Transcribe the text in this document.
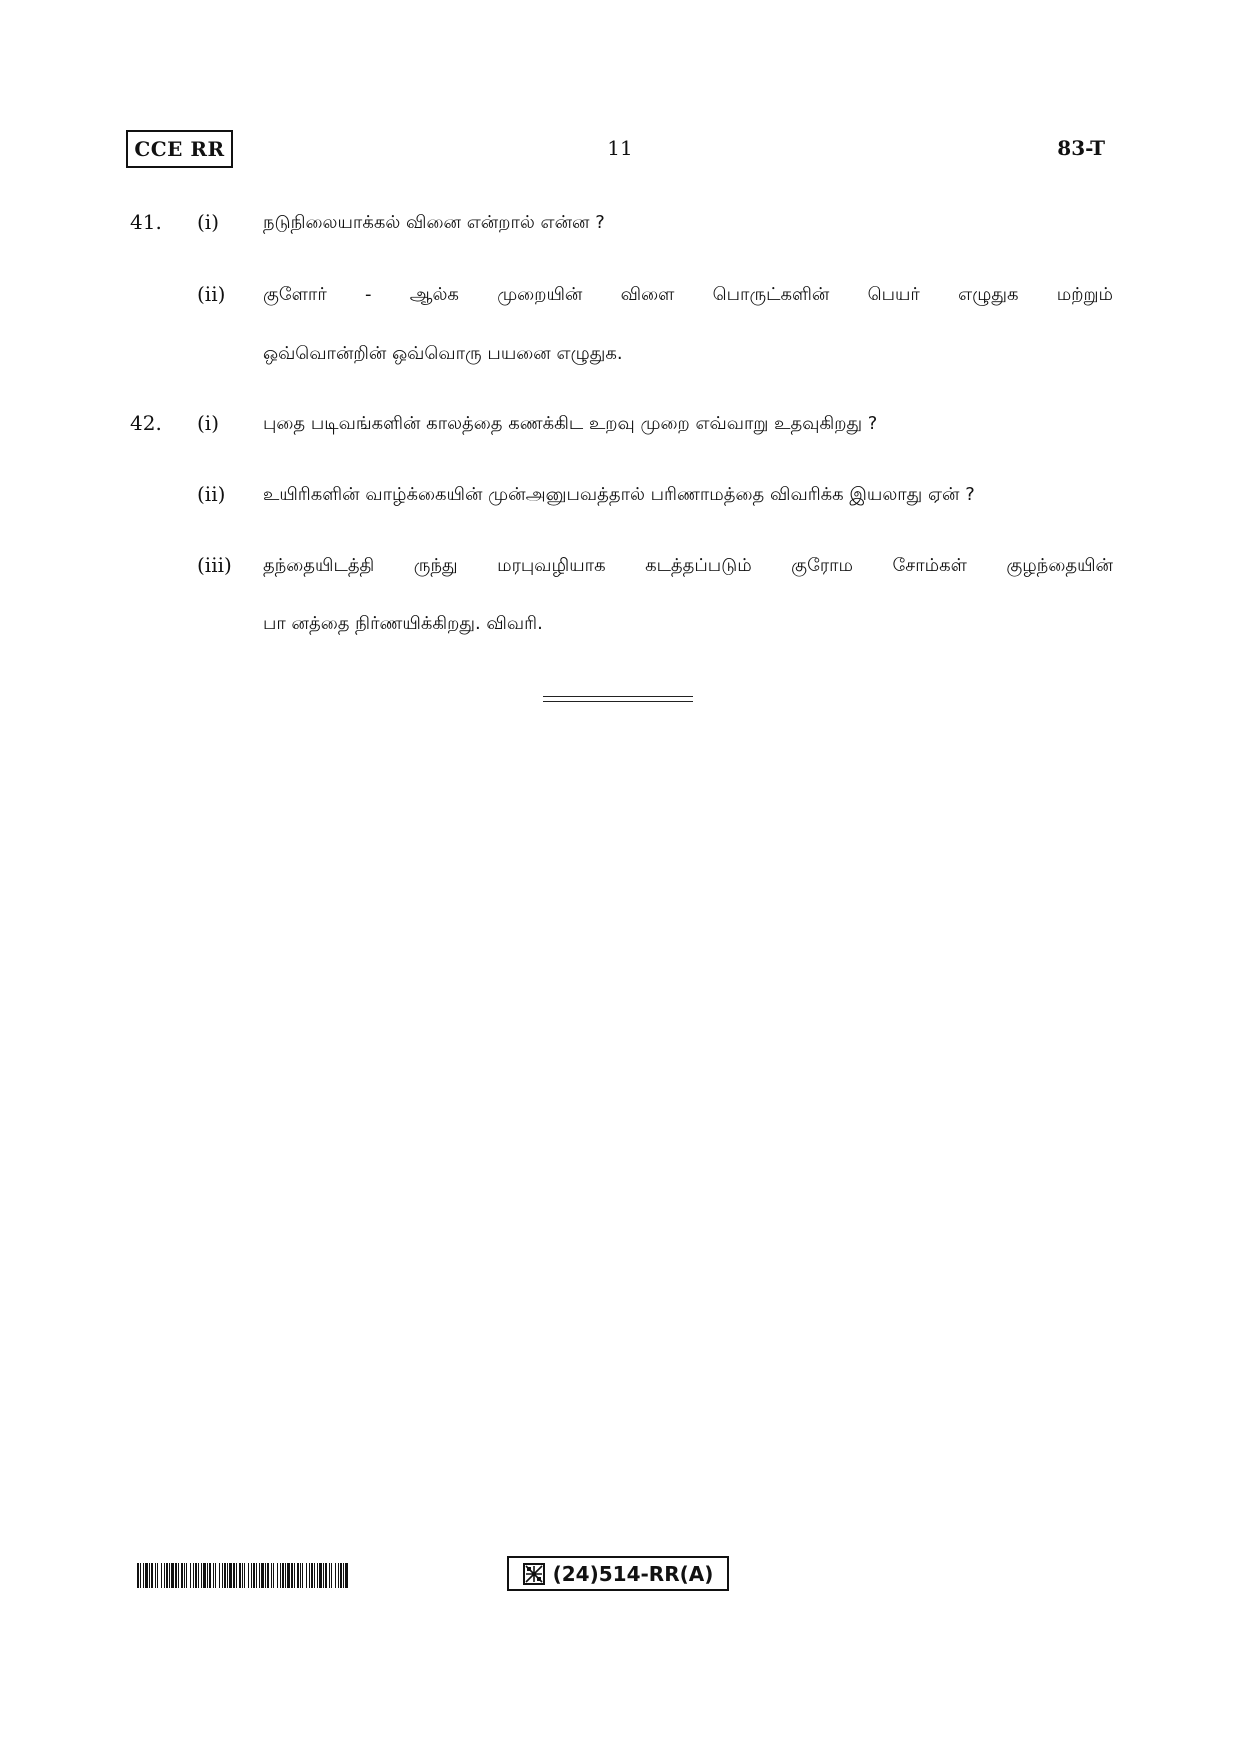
CCE RR	11	83-T
41. (i) நடுநிலையாக்கல் வினை என்றால் என்ன ?
(ii) குளோர் - ஆல்க முறையின் விளை பொருட்களின் பெயர் எழுதுக மற்றும்
ஒவ்வொன்றின் ஒவ்வொரு பயனை எழுதுக.
42. (i) புதை படிவங்களின் காலத்தை கணக்கிட உறவு முறை எவ்வாறு உதவுகிறது ?
(ii) உயிரிகளின் வாழ்க்கையின் முன்அனுபவத்தால் பரிணாமத்தை விவரிக்க இயலாது ஏன் ?
(iii) தந்தையிடத்தி ருந்து மரபுவழியாக கடத்தப்படும் குரோம சோம்கள் குழந்தையின்
பா னத்தை நிர்ணயிக்கிறது. விவரி.
(24)514-RR(A)
